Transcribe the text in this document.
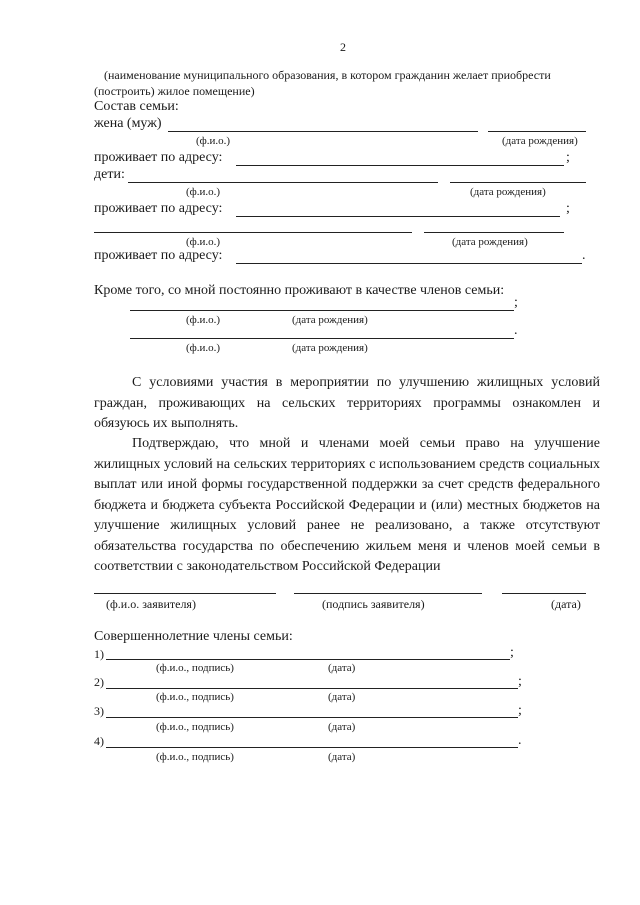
2
(наименование муниципального образования, в котором гражданин желает приобрести
(построить) жилое помещение)
Состав семьи:
жена (муж)
(ф.и.о.)	(дата рождения)
проживает по адресу:	;
дети:
(ф.и.о.)	(дата рождения)
проживает по адресу:	;
(ф.и.о.)	(дата рождения)
проживает по адресу:	.
Кроме того, со мной постоянно проживают в качестве членов семьи:
;
(ф.и.о.)	(дата рождения)
.
(ф.и.о.)	(дата рождения)
С условиями участия в мероприятии по улучшению жилищных условий граждан, проживающих на сельских территориях программы ознакомлен и обязуюсь их выполнять.
Подтверждаю, что мной и членами моей семьи право на улучшение жилищных условий на сельских территориях с использованием средств социальных выплат или иной формы государственной поддержки за счет средств федерального бюджета и бюджета субъекта Российской Федерации и (или) местных бюджетов на улучшение жилищных условий ранее не реализовано, а также отсутствуют обязательства государства по обеспечению жильем меня и членов моей семьи в соответствии с законодательством Российской Федерации
(ф.и.о. заявителя)	(подпись заявителя)	(дата)
Совершеннолетние члены семьи:
1)	;
(ф.и.о., подпись)	(дата)
2)	;
(ф.и.о., подпись)	(дата)
3)	;
(ф.и.о., подпись)	(дата)
4)	.
(ф.и.о., подпись)	(дата)
